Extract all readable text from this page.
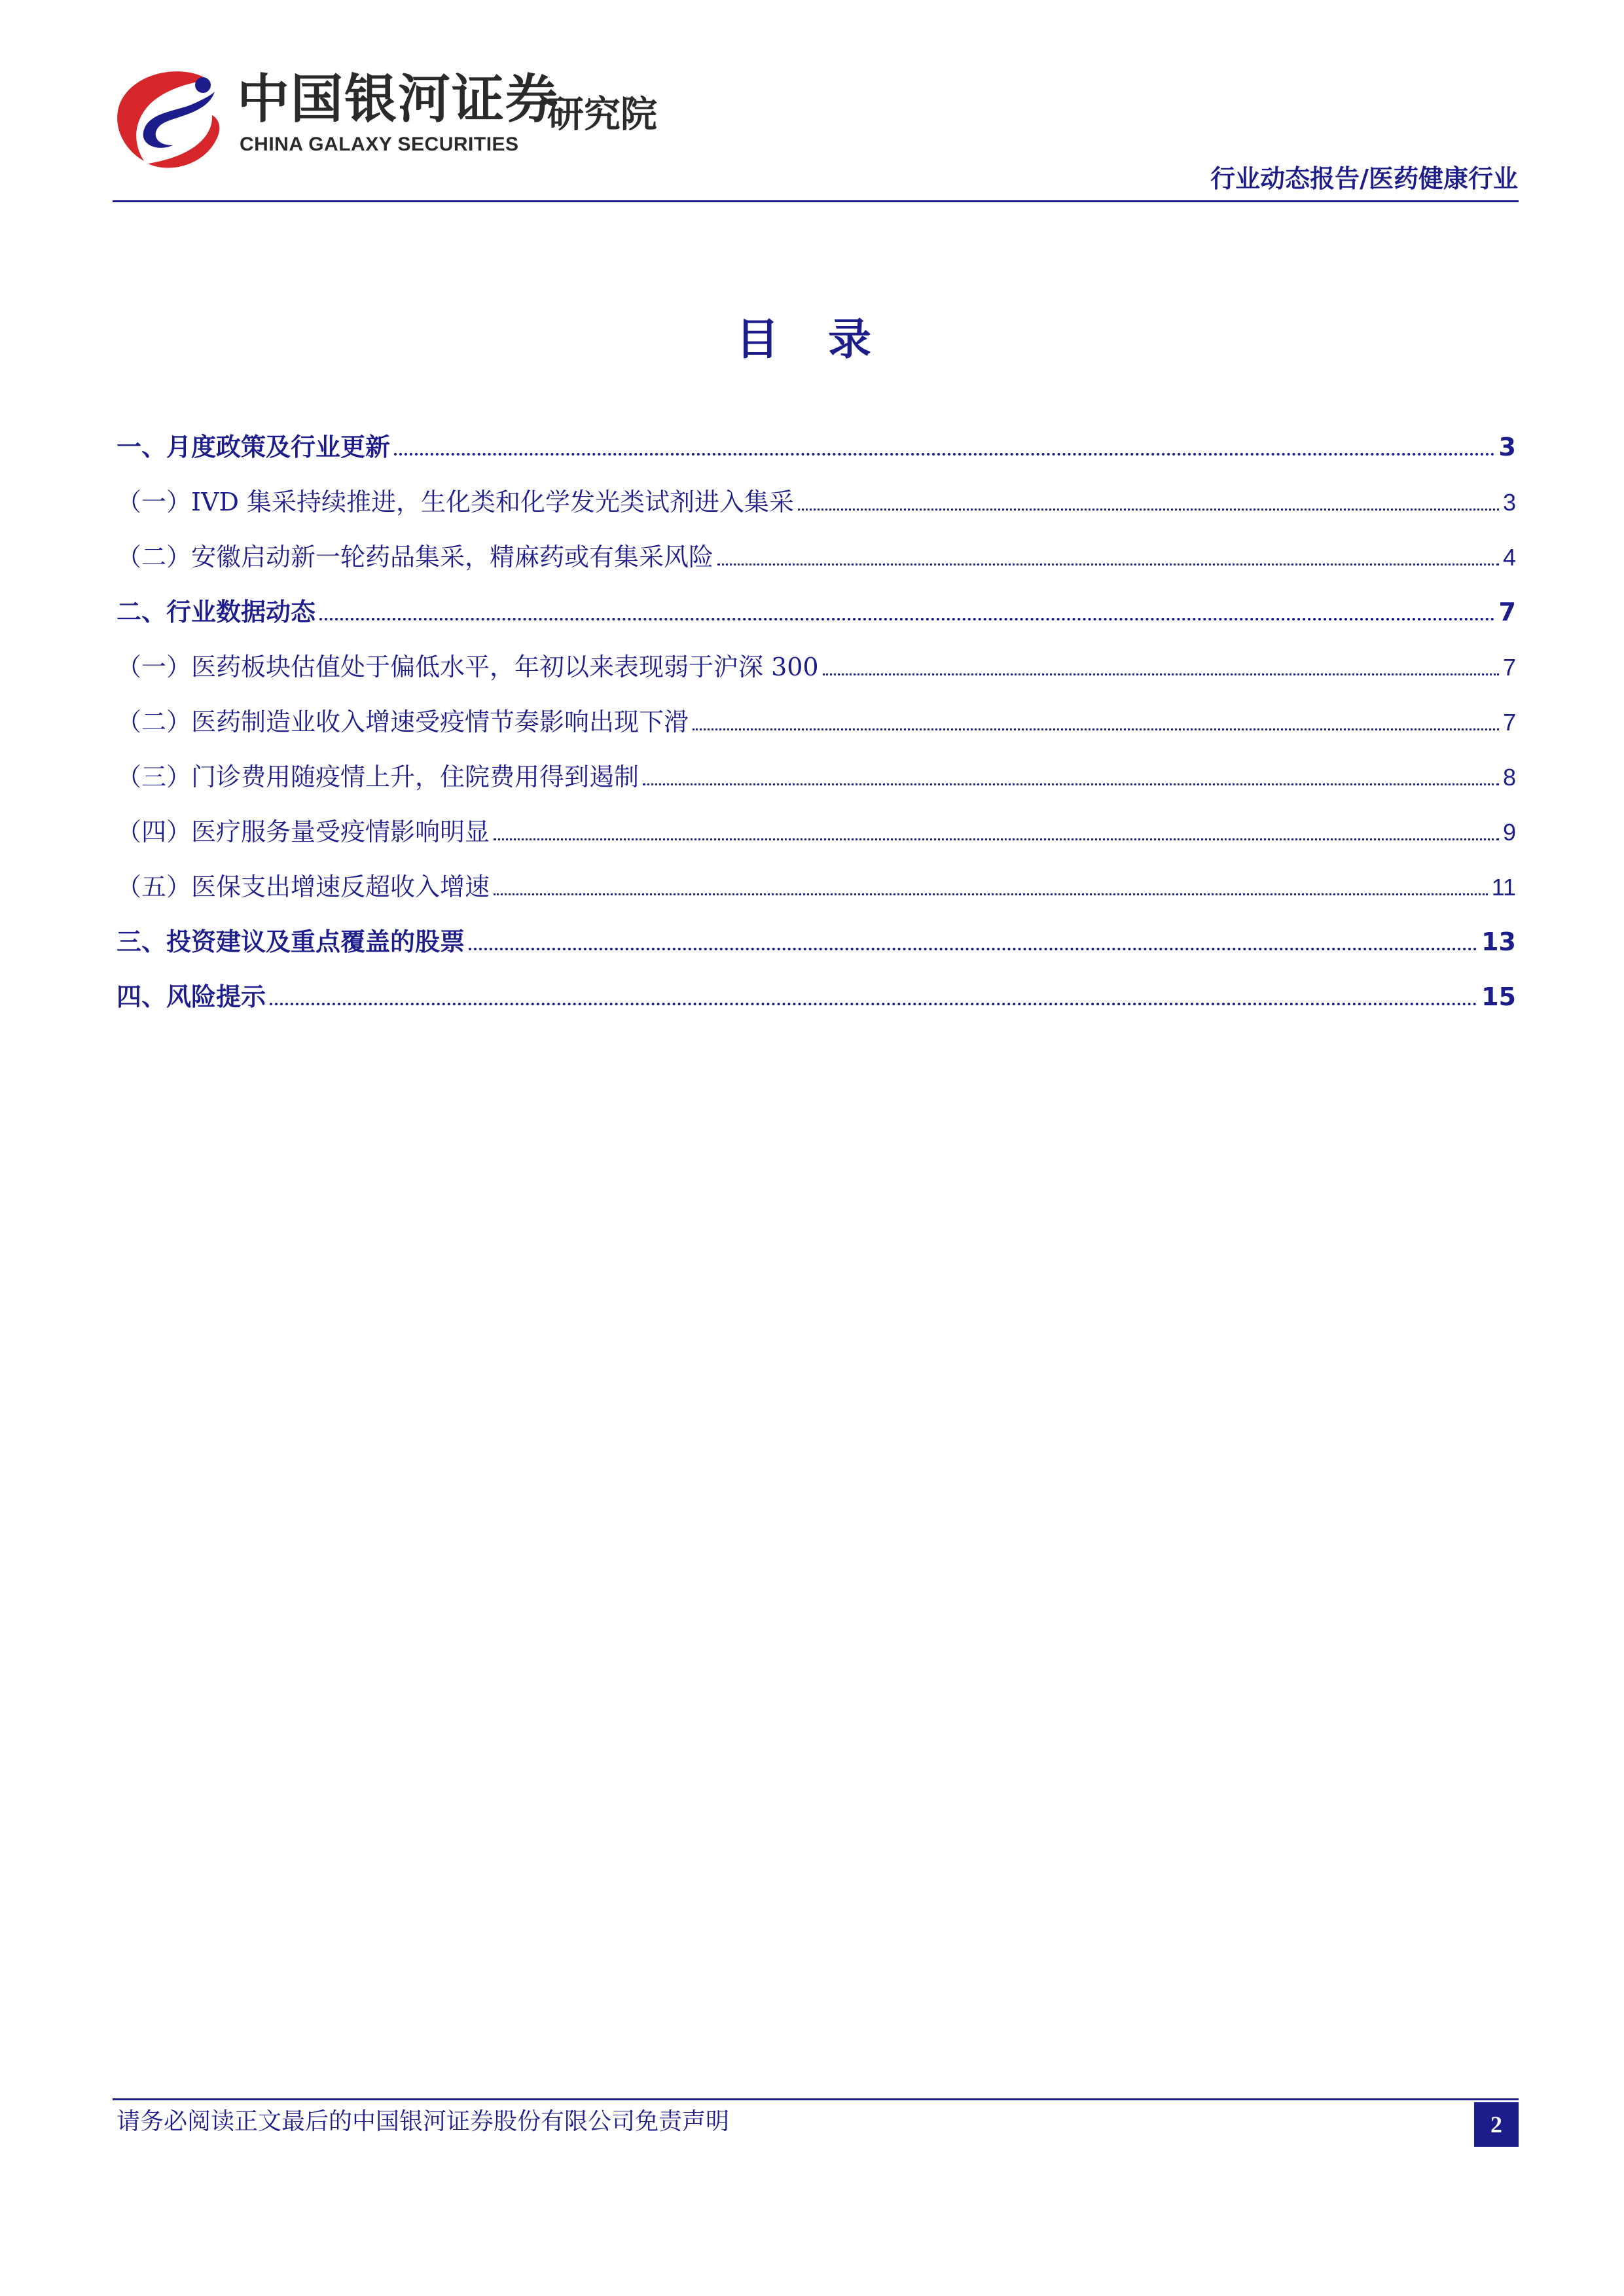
中国银河证券
CHINA GALAXY SECURITIES
研究院
行业动态报告/医药健康行业
目 录
一、月度政策及行业更新	3
（一）IVD 集采持续推进，生化类和化学发光类试剂进入集采	3
（二）安徽启动新一轮药品集采，精麻药或有集采风险	4
二、行业数据动态	7
（一）医药板块估值处于偏低水平，年初以来表现弱于沪深 300	7
（二）医药制造业收入增速受疫情节奏影响出现下滑	7
（三）门诊费用随疫情上升，住院费用得到遏制	8
（四）医疗服务量受疫情影响明显	9
（五）医保支出增速反超收入增速	11
三、投资建议及重点覆盖的股票	13
四、风险提示	15
请务必阅读正文最后的中国银河证券股份有限公司免责声明	2
